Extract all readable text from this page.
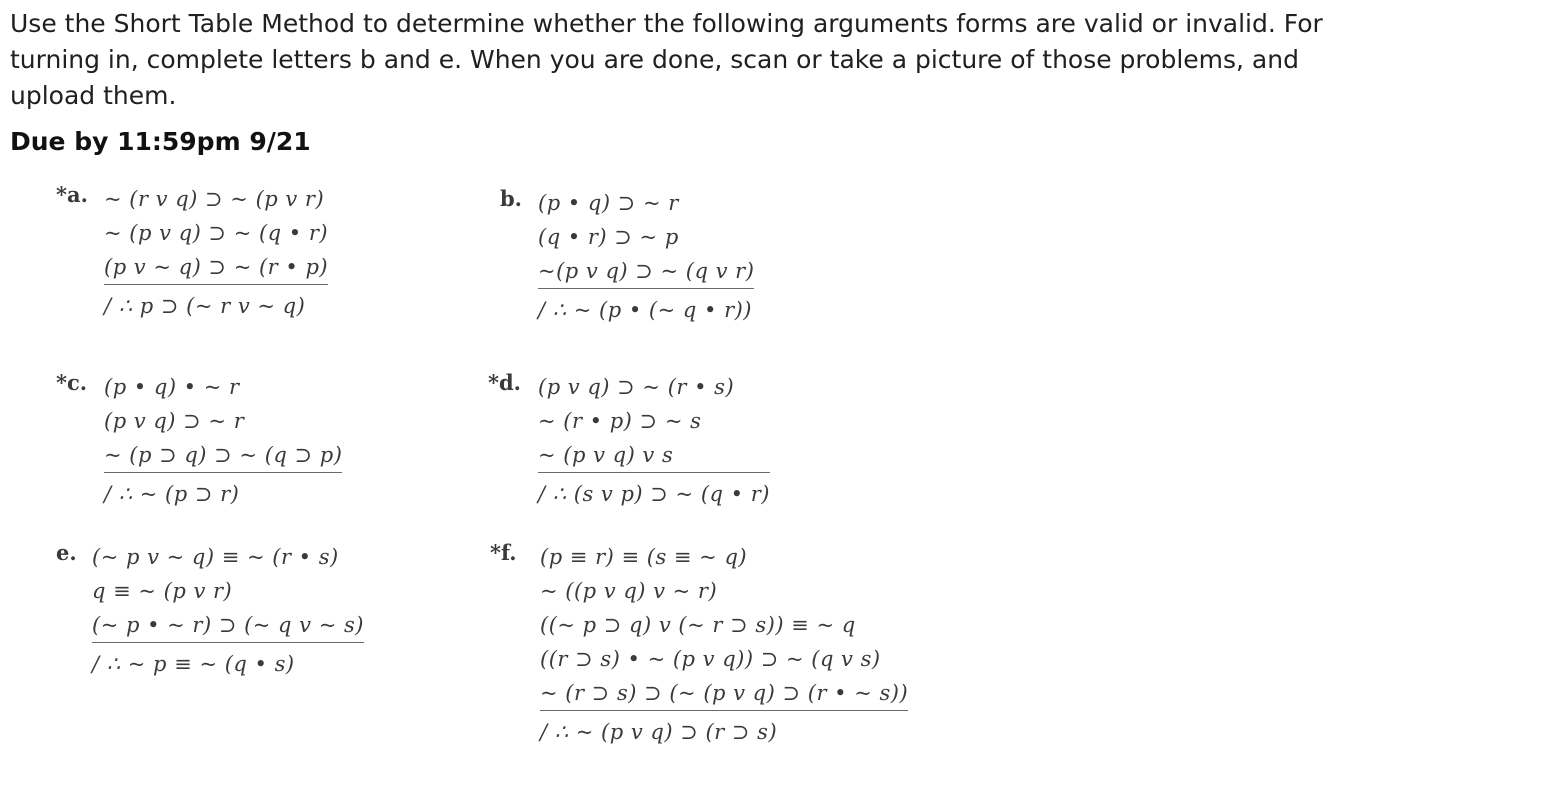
Use the Short Table Method to determine whether the following arguments forms are valid or invalid. For turning in, complete letters b and e. When you are done, scan or take a picture of those problems, and upload them.
Due by 11:59pm 9/21
*a. ~ (r v q) ⊃ ~ (p v r)
~ (p v q) ⊃ ~ (q • r)
(p v ~ q) ⊃ ~ (r • p)
/ ∴ p ⊃ (~ r v ~ q)
b. (p • q) ⊃ ~ r
(q • r) ⊃ ~ p
~(p v q) ⊃ ~ (q v r)
/ ∴ ~ (p • (~ q • r))
*c. (p • q) • ~ r
(p v q) ⊃ ~ r
~ (p ⊃ q) ⊃ ~ (q ⊃ p)
/ ∴ ~ (p ⊃ r)
*d. (p v q) ⊃ ~ (r • s)
~ (r • p) ⊃ ~ s
~ (p v q) v s
/ ∴ (s v p) ⊃ ~ (q • r)
e. (~ p v ~ q) ≡ ~ (r • s)
q ≡ ~ (p v r)
(~ p • ~ r) ⊃ (~ q v ~ s)
/ ∴ ~ p ≡ ~ (q • s)
*f. (p ≡ r) ≡ (s ≡ ~ q)
~ ((p v q) v ~ r)
((~ p ⊃ q) v (~ r ⊃ s)) ≡ ~ q
((r ⊃ s) • ~ (p v q)) ⊃ ~ (q v s)
~ (r ⊃ s) ⊃ (~ (p v q) ⊃ (r • ~ s))
/ ∴ ~ (p v q) ⊃ (r ⊃ s)
